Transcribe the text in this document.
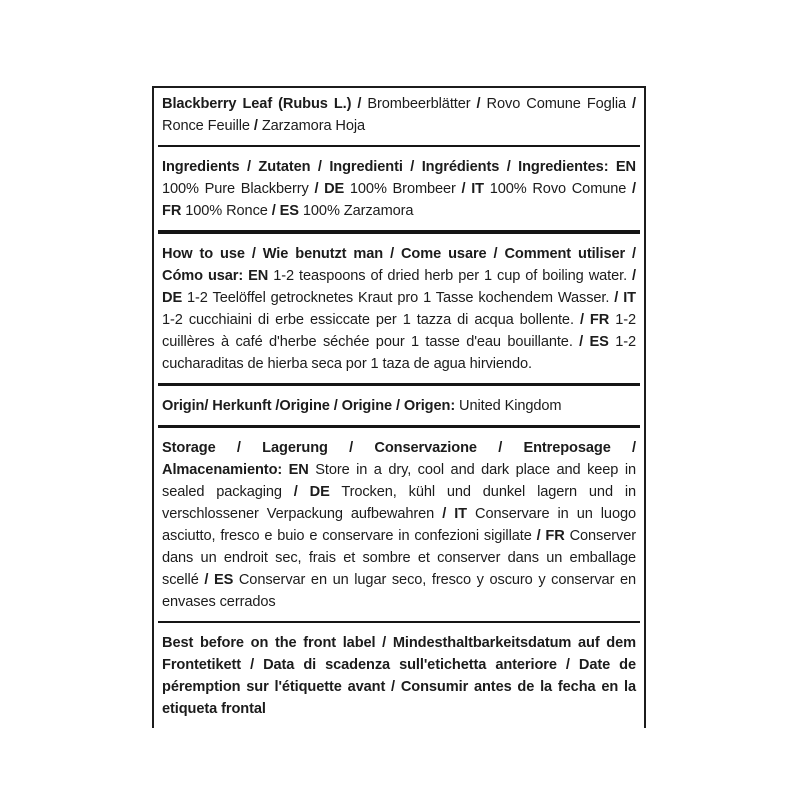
Blackberry Leaf (Rubus L.) / Brombeerblätter / Rovo Comune Foglia / Ronce Feuille / Zarzamora Hoja

Ingredients / Zutaten / Ingredienti / Ingrédients / Ingredientes: EN 100% Pure Blackberry / DE 100% Brombeer / IT 100% Rovo Comune / FR 100% Ronce / ES 100% Zarzamora

How to use / Wie benutzt man / Come usare / Comment utiliser / Cómo usar: EN 1-2 teaspoons of dried herb per 1 cup of boiling water. / DE 1-2 Teelöffel getrocknetes Kraut pro 1 Tasse kochendem Wasser. / IT 1-2 cucchiaini di erbe essiccate per 1 tazza di acqua bollente. / FR 1-2 cuillères à café d'herbe séchée pour 1 tasse d'eau bouillante. / ES 1-2 cucharaditas de hierba seca por 1 taza de agua hirviendo.

Origin/ Herkunft /Origine / Origine / Origen: United Kingdom

Storage / Lagerung / Conservazione / Entreposage / Almacenamiento: EN Store in a dry, cool and dark place and keep in sealed packaging / DE Trocken, kühl und dunkel lagern und in verschlossener Verpackung aufbewahren / IT Conservare in un luogo asciutto, fresco e buio e conservare in confezioni sigillate / FR Conserver dans un endroit sec, frais et sombre et conserver dans un emballage scellé / ES Conservar en un lugar seco, fresco y oscuro y conservar en envases cerrados

Best before on the front label / Mindesthaltbarkeitsdatum auf dem Frontetikett / Data di scadenza sull'etichetta anteriore / Date de péremption sur l'étiquette avant / Consumir antes de la fecha en la etiqueta frontal
